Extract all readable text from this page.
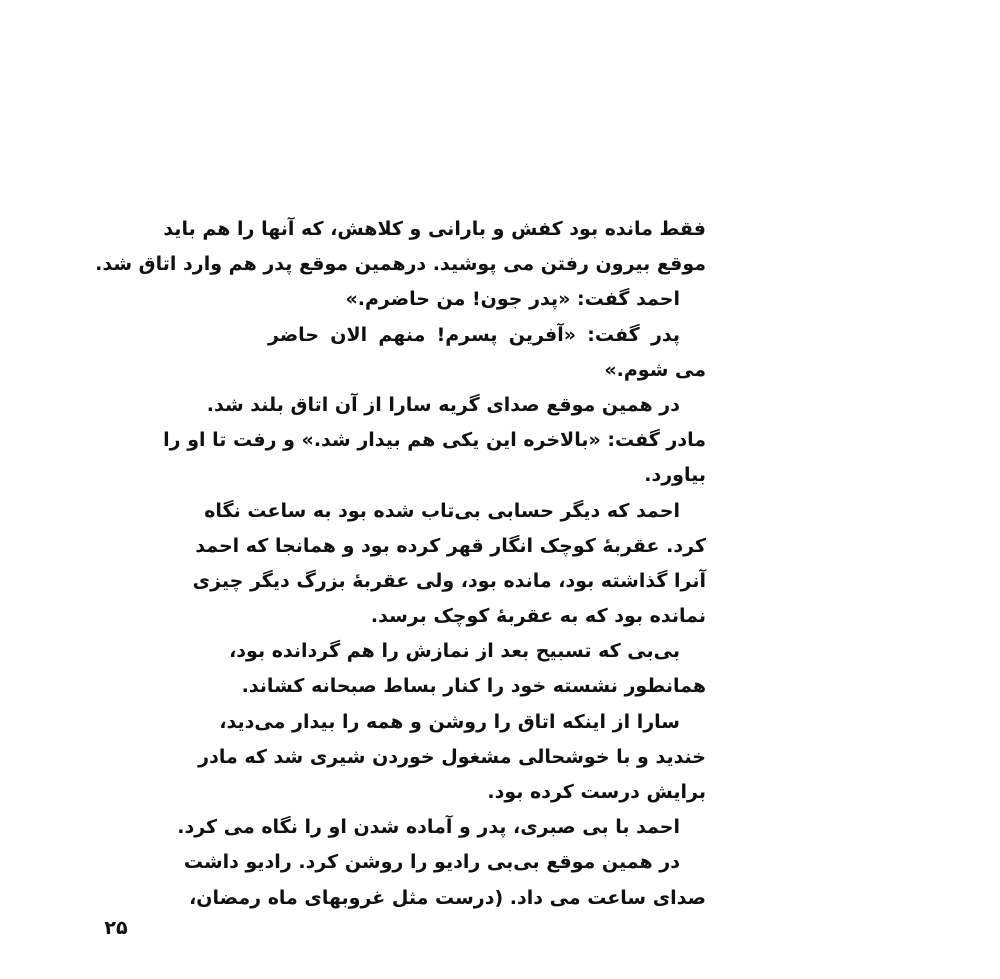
فقط مانده بود کفش و بارانی و کلاهش، که آنها را هم باید
موقع بیرون رفتن می پوشید. درهمین موقع پدر هم وارد اتاق شد.
احمد گفت: «پدر جون! من حاضرم.»
پدر گفت: «آفرین پسرم! منهم الان حاضر
می شوم.»
در همین موقع صدای گریه سارا از آن اتاق بلند شد.
مادر گفت: «بالاخره این یکی هم بیدار شد.» و رفت تا او را
بیاورد.
احمد که دیگر حسابی بی‌تاب شده بود به ساعت نگاه
کرد. عقربهٔ کوچک انگار قهر کرده بود و همانجا که احمد
آنرا گذاشته بود، مانده بود، ولی عقربهٔ بزرگ دیگر چیزی
نمانده بود که به عقربهٔ کوچک برسد.
بی‌بی که تسبیح بعد از نمازش را هم گردانده بود،
همانطور نشسته خود را کنار بساط صبحانه کشاند.
سارا از اینکه اتاق را روشن و همه را بیدار می‌دید،
خندید و با خوشحالی مشغول خوردن شیری شد که مادر
برایش درست کرده بود.
احمد با بی صبری، پدر و آماده شدن او را نگاه می کرد.
در همین موقع بی‌بی رادیو را روشن کرد. رادیو داشت
صدای ساعت می داد. (درست مثل غروبهای ماه رمضان،
۲۵
